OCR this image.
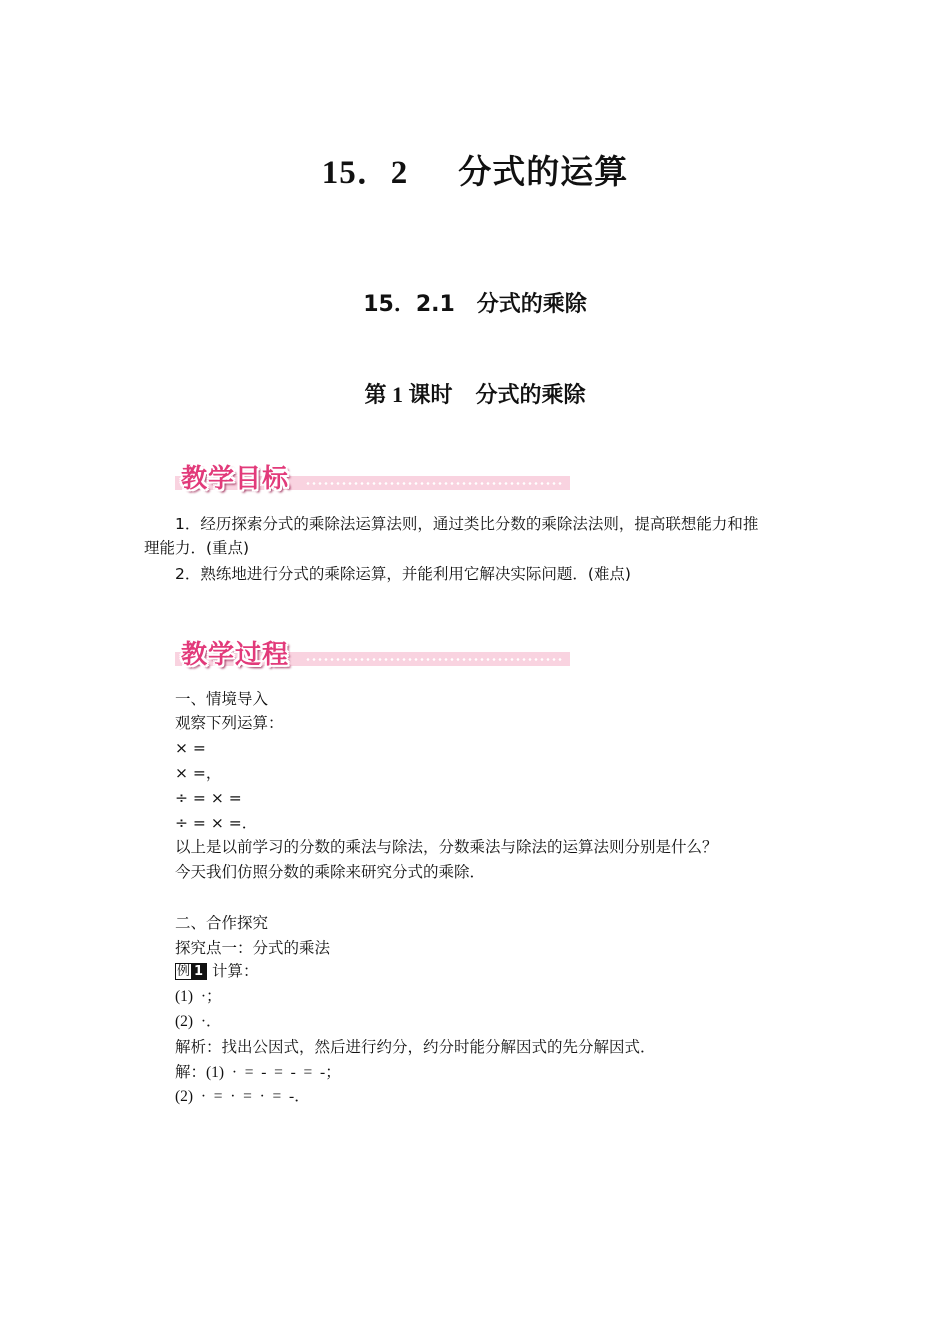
15．2 分式的运算
15．2.1　分式的乘除
第 1 课时 分式的乘除
教学目标
1．经历探索分式的乘除法运算法则，通过类比分数的乘除法法则，提高联想能力和推
理能力．(重点)
2．熟练地进行分式的乘除运算，并能利用它解决实际问题．(难点)
教学过程
一、情境导入
观察下列运算：
× =
× =，
÷ = × =
÷ = × =．
以上是以前学习的分数的乘法与除法，分数乘法与除法的运算法则分别是什么？
今天我们仿照分数的乘除来研究分式的乘除．
二、合作探究
探究点一：分式的乘法
例 1 计算：
(1)  ·；
(2)  ·．
解析：找出公因式，然后进行约分，约分时能分解因式的先分解因式．
解：(1)  ·  =  -  =  -  =  -；
(2)  ·  =  ·  =  ·  =  -．
